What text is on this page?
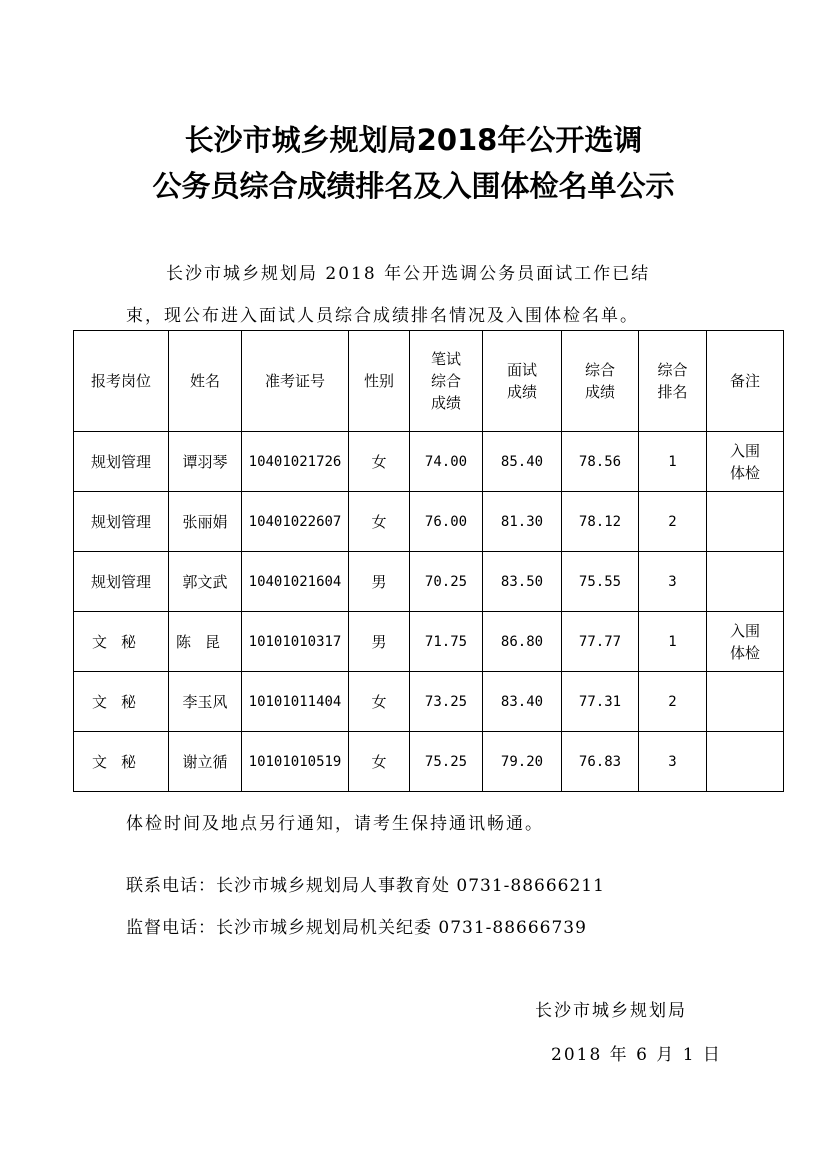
长沙市城乡规划局2018年公开选调
公务员综合成绩排名及入围体检名单公示
长沙市城乡规划局 2018 年公开选调公务员面试工作已结
束，现公布进入面试人员综合成绩排名情况及入围体检名单。
报考岗位	姓名	准考证号	性别	笔试综合成绩	面试成绩	综合成绩	综合排名	备注
规划管理	谭羽琴	10401021726	女	74.00	85.40	78.56	1	入围体检
规划管理	张丽娟	10401022607	女	76.00	81.30	78.12	2	
规划管理	郭文武	10401021604	男	70.25	83.50	75.55	3	
文秘	陈昆	10101010317	男	71.75	86.80	77.77	1	入围体检
文秘	李玉风	10101011404	女	73.25	83.40	77.31	2	
文秘	谢立循	10101010519	女	75.25	79.20	76.83	3	
体检时间及地点另行通知，请考生保持通讯畅通。
联系电话：长沙市城乡规划局人事教育处 0731-88666211
监督电话：长沙市城乡规划局机关纪委 0731-88666739
长沙市城乡规划局
2018 年 6 月 1 日
